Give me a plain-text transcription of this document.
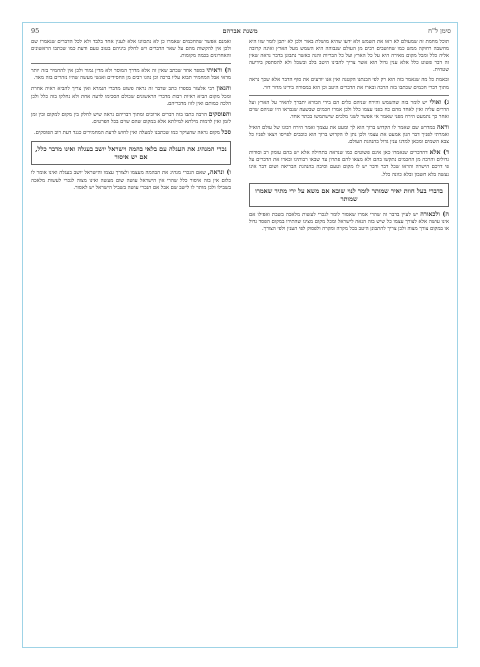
סימן ל"ח
משנת אברהם
95

תוכל מחמת זה שמעולם לא ראו את השמש ולא ידעו שהיא מושלת באור ולכן לא יתכן לומר שזו היא מחשבה רחוקה ממש כמו שחושבים רבים מן העולם שגבוהה היא השמש מעל הארץ ואינה קרובה אליה כלל ומכל מקום מאירה היא על כל הארץ ועל כל הבריות והנה כאשר נתבונן בדבר נראה שאין זה דבר פשוט כלל אלא ענין גדול הוא אשר צריך להבינו היטב בלב ובשכל ולא להסתפק בידיעה שטחית.

ובאמת כל מה שנאמר בזה הוא רק לפי הבנתנו הקטנה ואין אנו יודעים את סוף הדבר אלא שכך נראה מתוך דברי חכמים שכתבו בזה הרבה ובארו את הדברים היטב וכן הוא במסורה בידינו מדור דור.

ג) ואולי יש לומר בזה שהשמש והירח שניהם כלים הם בידי הבורא יתברך להאיר על הארץ ועל הדרים עליה ואין לאחד מהם כח בפני עצמו כלל ולכן אמרו חכמים שבשעה שנבראו היו שניהם שוים ואחר כך נתמעט הירח מפני שאמר אי אפשר לשני מלכים שישתמשו בכתר אחד.

וראה במדרש שם שאמר לו הקדוש ברוך הוא לך ומעט את עצמך ואמר הירח רבונו של עולם הואיל ואמרתי לפניך דבר הגון אמעט את עצמי ולכן נתן לו הקדוש ברוך הוא כוכבים לפייסו ויצאו לפניו כל צבא השמים ומכאן למדנו ענין גדול בהנהגת העולם.

ד) אלא דהדברים שנאמרו כאן אינם פשוטים כמו שנראה בתחילה אלא יש בהם עומק רב וסודות גדולים והרבה מן החכמים נתקשו בהם ולא מצאו להם פתרון עד שבאו רבותינו ובארו את הדברים על פי דרכם הישרה והראו שכל דבר ודבר יש לו מקום וטעם וסיבה בהנהגת הבריאה ושום דבר אינו נעשה בלא חשבון ובלא כוונה כלל.

בדברי בעל חוות יאיר שמותר לומר לנוי שובא אם משא על ירי מתיר שאמרו שמותר

ה) ולכאורה יש לעיין בדבר זה שהרי אמרו שאסור לומר לנכרי לעשות מלאכה בשבת ואפילו אם אינו עושה אלא לצורך עצמו כל שיש בזה הנאה לישראל ומכל מקום מצינו שהתירו במקום הפסד גדול או במקום צורך מצוה ולכן צריך להתבונן היטב בכל מקרה ומקרה ולפסוק לפי הענין ולפי הצורך.

ואמנם אפשר שהחכמים שאמרו כן לא נתכוונו אלא לענין אחד בלבד ולא לכל הדברים שנאמרו שם ולכן אין להקשות מהם על שאר הדברים ויש לחלק ביניהם בטוב טעם ודעת כמו שכתבו הראשונים והאחרונים בכמה מקומות.

ה) וראיתי בספר אחד שכתב שאין זה אלא מדרך המוסר ולא מדין גמור ולכן אין להחמיר בזה יותר מדאי אבל המחמיר תבוא עליו ברכה וכן נהגו רבים מן החסידים ואנשי מעשה שהיו נזהרים בזה מאד.

והגאון רבי אלעזר בספרו כתב שדבר זה נראה פשוט מדברי הגמרא ואין צריך להביא ראיה אחרת ומכל מקום הביא ראיות רבות מדברי הראשונים שכולם הסכימו לדעה אחת ולא נחלקו בזה כלל ולכן הלכה כמותם ואין לזוז מדבריהם.

והפוסקים הרבה כתבו בזה דברים ארוכים ומתוך דבריהם נראה שיש לחלק בין מקום למקום ובין זמן לזמן ואין לדמות מילתא למילתא אלא במקום שהם שוים בכל הפרטים.

סכל מקום נראה שהעיקר כמו שכתבנו למעלה ואין לחוש לדעת המחמירים כנגד דעת רוב הפוסקים.

נכרי המנהיג את העגלה עם בלאי בהמה וישראל יושב בעגלה ואינו מדבר כלל, אם יש איסור

ו) ונראה, שאם הנכרי מנהיג את הבהמה מעצמו ולצורך עצמו והישראל יושב בעגלה ואינו אומר לו כלום אין בזה איסור כלל שהרי אין הישראל עושה שום מעשה ואינו מצוה לנכרי לעשות מלאכה בשבילו ולכן מותר לו לישב שם אבל אם הנכרי עושה בשביל הישראל יש לאסור.
